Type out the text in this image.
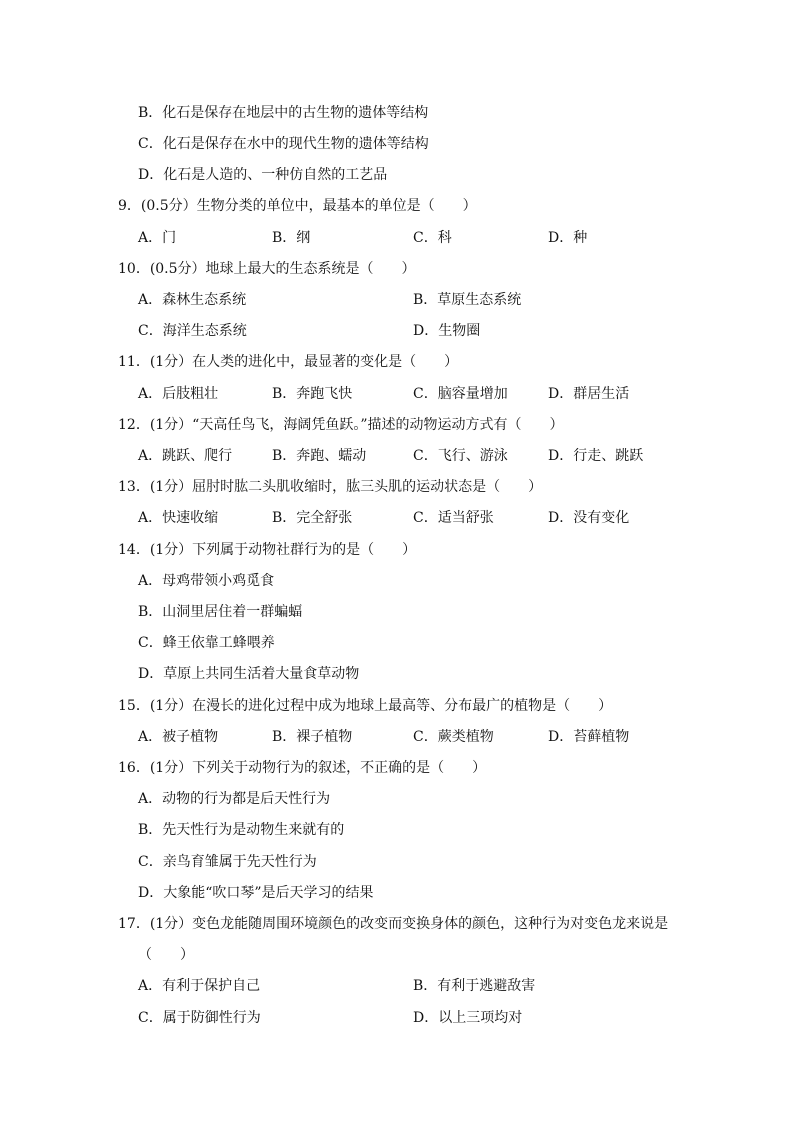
B．化石是保存在地层中的古生物的遗体等结构
C．化石是保存在水中的现代生物的遗体等结构
D．化石是人造的、一种仿自然的工艺品
9．(0.5分）生物分类的单位中，最基本的单位是（　　）
A．门	B．纲	C．科	D．种
10．(0.5分）地球上最大的生态系统是（　　）
A．森林生态系统	B．草原生态系统
C．海洋生态系统	D．生物圈
11．(1分）在人类的进化中，最显著的变化是（　　）
A．后肢粗壮	B．奔跑飞快	C．脑容量增加	D．群居生活
12．(1分）“天高任鸟飞，海阔凭鱼跃。”描述的动物运动方式有（　　）
A．跳跃、爬行	B．奔跑、蠕动	C．飞行、游泳	D．行走、跳跃
13．(1分）屈肘时肱二头肌收缩时，肱三头肌的运动状态是（　　）
A．快速收缩	B．完全舒张	C．适当舒张	D．没有变化
14．(1分）下列属于动物社群行为的是（　　）
A．母鸡带领小鸡觅食
B．山洞里居住着一群蝙蝠
C．蜂王依靠工蜂喂养
D．草原上共同生活着大量食草动物
15．(1分）在漫长的进化过程中成为地球上最高等、分布最广的植物是（　　）
A．被子植物	B．裸子植物	C．蕨类植物	D．苔藓植物
16．(1分）下列关于动物行为的叙述，不正确的是（　　）
A．动物的行为都是后天性行为
B．先天性行为是动物生来就有的
C．亲鸟育雏属于先天性行为
D．大象能“吹口琴”是后天学习的结果
17．(1分）变色龙能随周围环境颜色的改变而变换身体的颜色，这种行为对变色龙来说是
（　　）
A．有利于保护自己	B．有利于逃避敌害
C．属于防御性行为	D．以上三项均对
